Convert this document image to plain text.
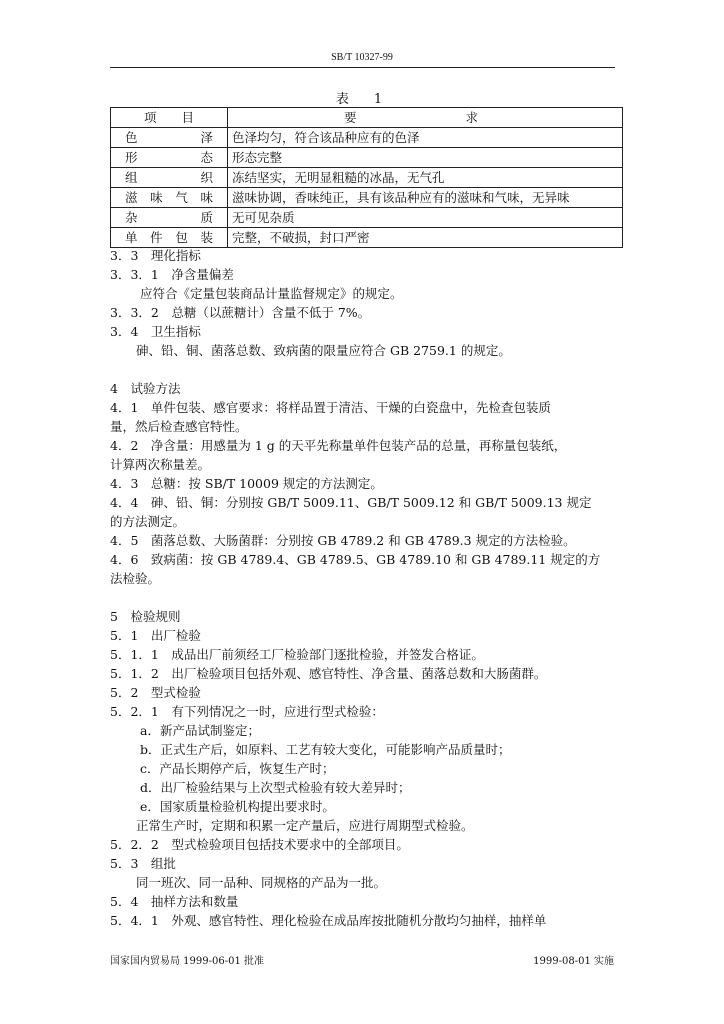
SB/T 10327-99
表　1
项　　目	要　　求
色　　泽	色泽均匀，符合该品种应有的色泽
形　　态	形态完整
组　　织	冻结坚实，无明显粗糙的冰晶，无气孔
滋味气味	滋味协调，香味纯正，具有该品种应有的滋味和气味，无异味
杂　　质	无可见杂质
单件包装	完整，不破损，封口严密
3．3　理化指标
3．3．1　净含量偏差
应符合《定量包装商品计量监督规定》的规定。
3．3．2　总糖（以蔗糖计）含量不低于 7%。
3．4　卫生指标
砷、铅、铜、菌落总数、致病菌的限量应符合 GB 2759.1 的规定。
4　试验方法
4．1　单件包装、感官要求：将样品置于清洁、干燥的白瓷盘中，先检查包装质
量，然后检查感官特性。
4．2　净含量：用感量为 1 g 的天平先称量单件包装产品的总量，再称量包装纸，
计算两次称量差。
4．3　总糖：按 SB/T 10009 规定的方法测定。
4．4　砷、铅、铜：分别按 GB/T 5009.11、GB/T 5009.12 和 GB/T 5009.13 规定
的方法测定。
4．5　菌落总数、大肠菌群：分别按 GB 4789.2 和 GB 4789.3 规定的方法检验。
4．6　致病菌：按 GB 4789.4、GB 4789.5、GB 4789.10 和 GB 4789.11 规定的方
法检验。
5　检验规则
5．1　出厂检验
5．1．1　成品出厂前须经工厂检验部门逐批检验，并签发合格证。
5．1．2　出厂检验项目包括外观、感官特性、净含量、菌落总数和大肠菌群。
5．2　型式检验
5．2．1　有下列情况之一时，应进行型式检验：
a．新产品试制鉴定；
b．正式生产后，如原料、工艺有较大变化，可能影响产品质量时；
c．产品长期停产后，恢复生产时；
d．出厂检验结果与上次型式检验有较大差异时；
e．国家质量检验机构提出要求时。
正常生产时，定期和积累一定产量后，应进行周期型式检验。
5．2．2　型式检验项目包括技术要求中的全部项目。
5．3　组批
同一班次、同一品种、同规格的产品为一批。
5．4　抽样方法和数量
5．4．1　外观、感官特性、理化检验在成品库按批随机分散均匀抽样，抽样单
国家国内贸易局 1999-06-01 批准	1999-08-01 实施
